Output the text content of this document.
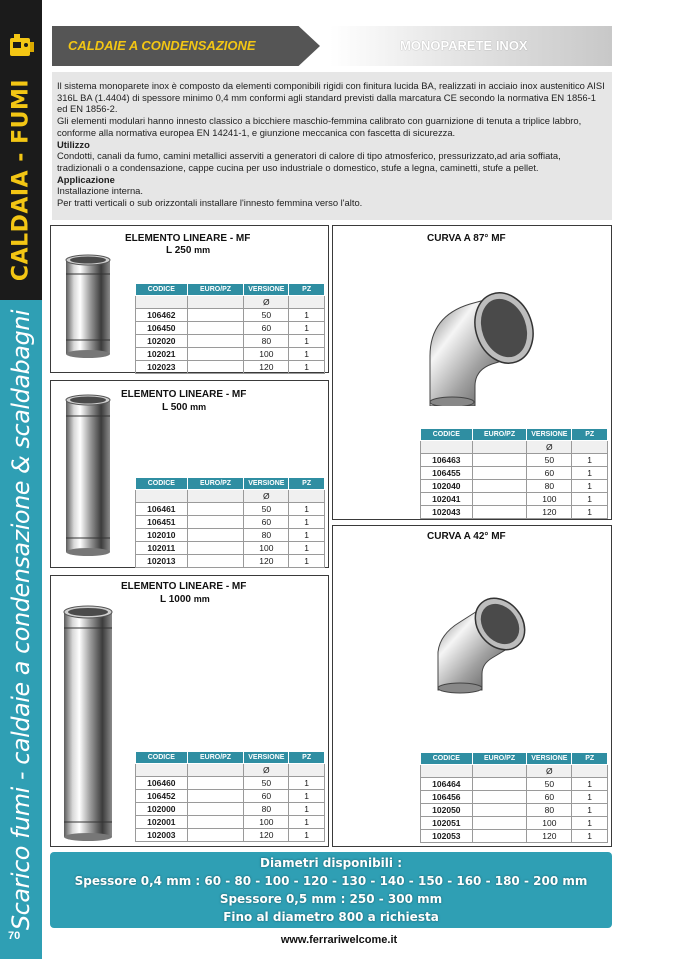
CALDAIA - FUMI
Scarico fumi - caldaie a condensazione & scaldabagni
70
CALDAIE A CONDENSAZIONE	MONOPARETE INOX

Il sistema monoparete inox è composto da elementi componibili rigidi con finitura lucida BA, realizzati in acciaio inox austenitico AISI 316L BA (1.4404) di spessore minimo 0,4 mm conformi agli standard previsti dalla marcatura CE secondo la normativa EN 1856-1 ed EN 1856-2.

Gli elementi modulari hanno innesto classico a bicchiere maschio-femmina calibrato con guarnizione di tenuta a triplice labbro, conforme alla normativa europea EN 14241-1, e giunzione meccanica con fascetta di sicurezza.

Utilizzo

Condotti, canali da fumo, camini metallici asserviti a generatori di calore di tipo atmosferico, pressurizzato,ad aria soffiata, tradizionali o a condensazione, cappe cucina per uso industriale o domestico, stufe a legna, caminetti, stufe a pellet.

Applicazione

Installazione interna.

Per tratti verticali o sub orizzontali installare l'innesto femmina verso l'alto.

ELEMENTO LINEARE - MF
L 250 mm
CODICE	EURO/PZ	VERSIONE	PZ
		Ø	
106462		50	1
106450		60	1
102020		80	1
102021		100	1
102023		120	1
ELEMENTO LINEARE - MF
L 500 mm
CODICE	EURO/PZ	VERSIONE	PZ
		Ø	
106461		50	1
106451		60	1
102010		80	1
102011		100	1
102013		120	1
ELEMENTO LINEARE - MF
L 1000 mm
CODICE	EURO/PZ	VERSIONE	PZ
		Ø	
106460		50	1
106452		60	1
102000		80	1
102001		100	1
102003		120	1
CURVA A 87° MF
CODICE	EURO/PZ	VERSIONE	PZ
		Ø	
106463		50	1
106455		60	1
102040		80	1
102041		100	1
102043		120	1
CURVA A 42° MF
CODICE	EURO/PZ	VERSIONE	PZ
		Ø	
106464		50	1
106456		60	1
102050		80	1
102051		100	1
102053		120	1
Diametri disponibili :
Spessore 0,4 mm : 60 - 80 - 100 - 120 - 130 - 140 - 150 - 160 - 180 - 200 mm
Spessore 0,5 mm : 250 - 300 mm
Fino al diametro 800 a richiesta
www.ferrariwelcome.it
